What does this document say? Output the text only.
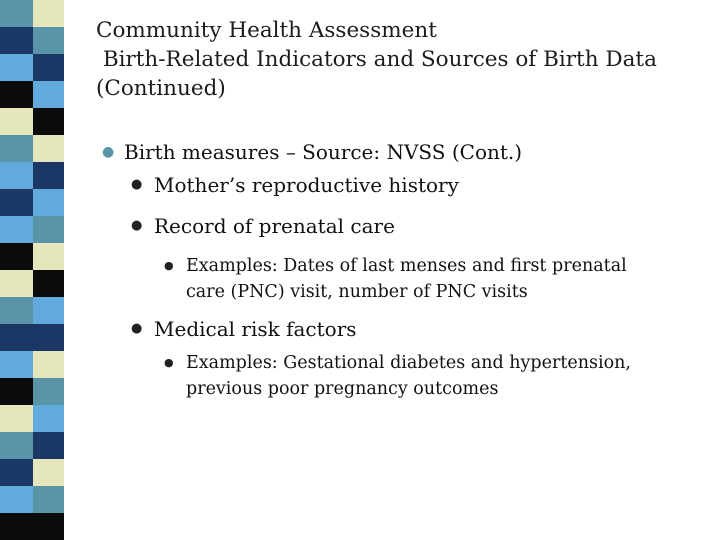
Community Health Assessment
Birth-Related Indicators and Sources of Birth Data
(Continued)
● Birth measures – Source: NVSS (Cont.)
● Mother’s reproductive history
● Record of prenatal care
● Examples: Dates of last menses and first prenatal care (PNC) visit, number of PNC visits
● Medical risk factors
● Examples: Gestational diabetes and hypertension, previous poor pregnancy outcomes
